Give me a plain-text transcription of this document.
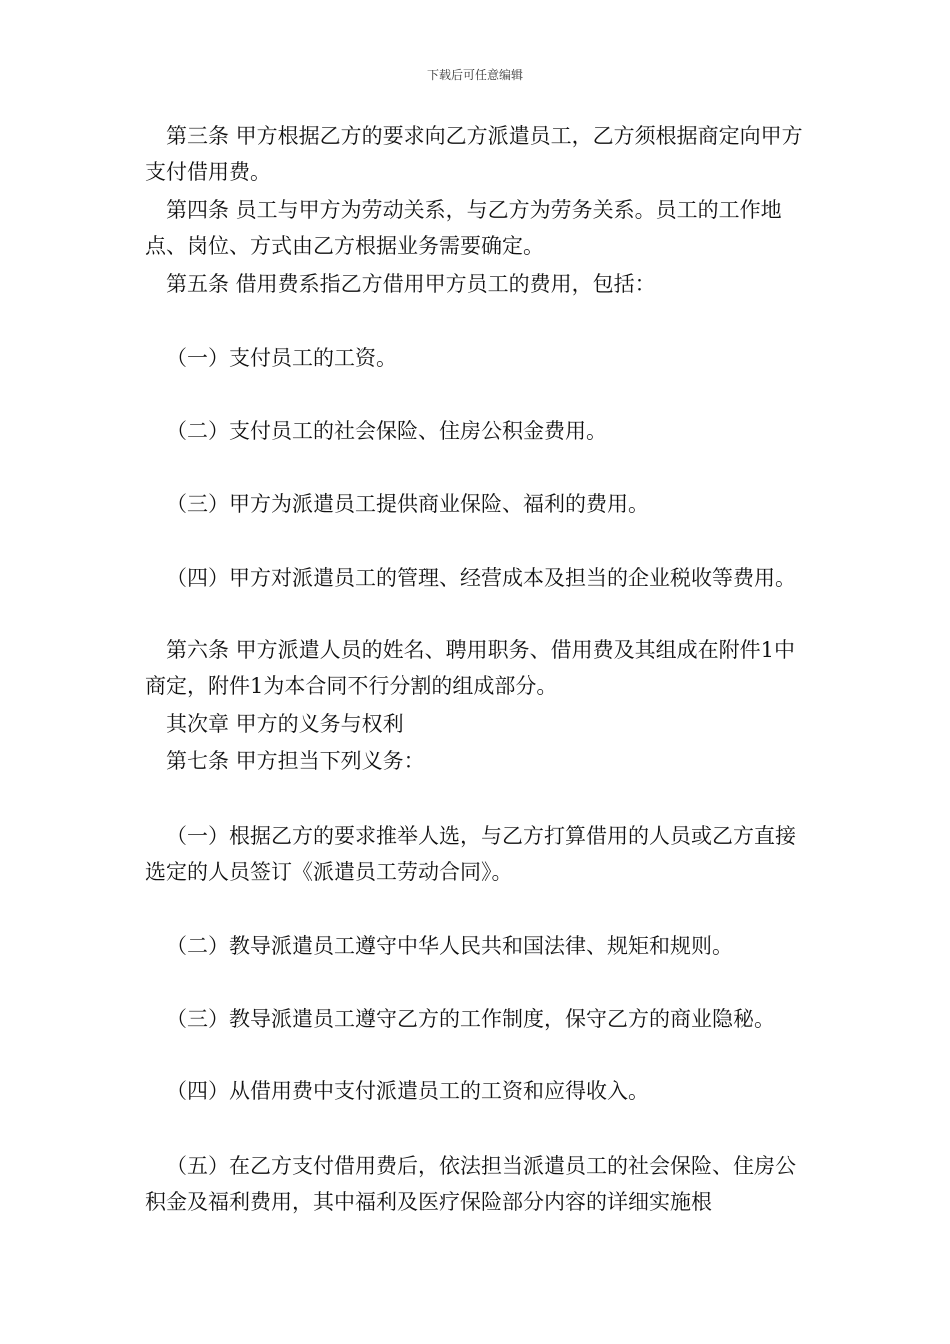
下载后可任意编辑

第三条 甲方根据乙方的要求向乙方派遣员工，乙方须根据商定向甲方支付借用费。

第四条 员工与甲方为劳动关系，与乙方为劳务关系。员工的工作地点、岗位、方式由乙方根据业务需要确定。

第五条 借用费系指乙方借用甲方员工的费用，包括：

（一）支付员工的工资。

（二）支付员工的社会保险、住房公积金费用。

（三）甲方为派遣员工提供商业保险、福利的费用。

（四）甲方对派遣员工的管理、经营成本及担当的企业税收等费用。

第六条 甲方派遣人员的姓名、聘用职务、借用费及其组成在附件1中商定，附件1为本合同不行分割的组成部分。

其次章 甲方的义务与权利

第七条 甲方担当下列义务：

（一）根据乙方的要求推举人选，与乙方打算借用的人员或乙方直接选定的人员签订《派遣员工劳动合同》。

（二）教导派遣员工遵守中华人民共和国法律、规矩和规则。

（三）教导派遣员工遵守乙方的工作制度，保守乙方的商业隐秘。

（四）从借用费中支付派遣员工的工资和应得收入。

（五）在乙方支付借用费后，依法担当派遣员工的社会保险、住房公积金及福利费用，其中福利及医疗保险部分内容的详细实施根
